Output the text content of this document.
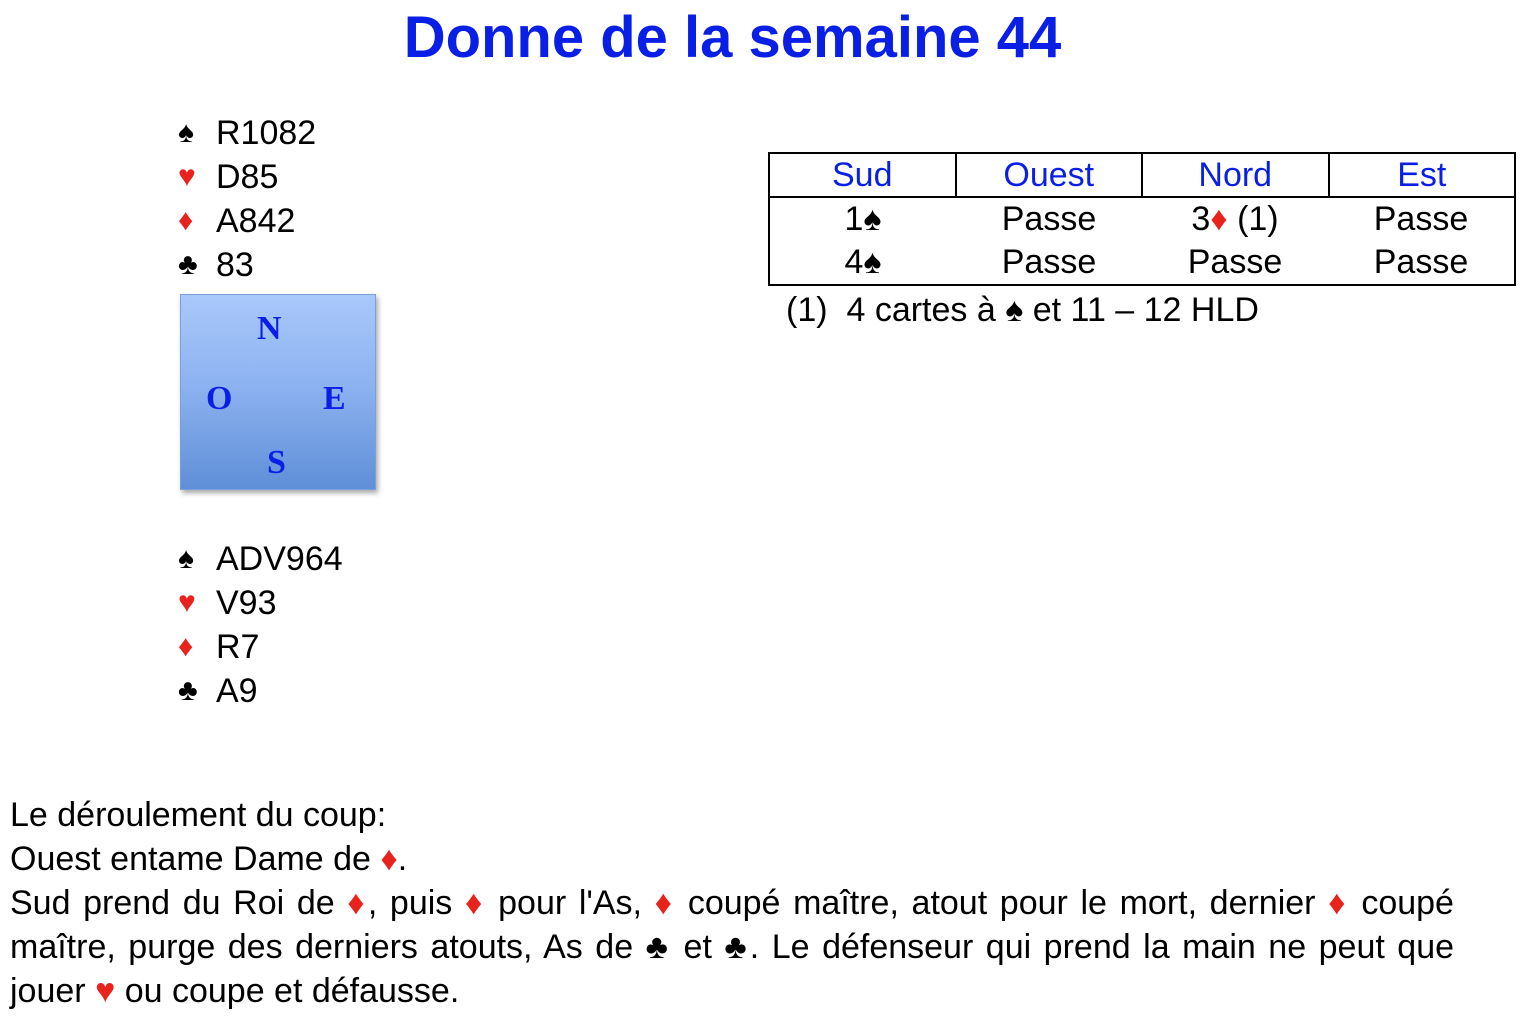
Donne de la semaine 44
♠ R1082
♥ D85
♦ A842
♣ 83
N
O	E
S
♠ ADV964
♥ V93
♦ R7
♣ A9
Sud	Ouest	Nord	Est
1♠	Passe	3♦ (1)	Passe
4♠	Passe	Passe	Passe
(1) 4 cartes à ♠ et 11 – 12 HLD

Le déroulement du coup:

Ouest entame Dame de ♦.

Sud prend du Roi de ♦, puis ♦ pour l'As, ♦ coupé maître, atout pour le mort, dernier ♦ coupé maître, purge des derniers atouts, As de ♣ et ♣. Le défenseur qui prend la main ne peut que jouer ♥ ou coupe et défausse.
